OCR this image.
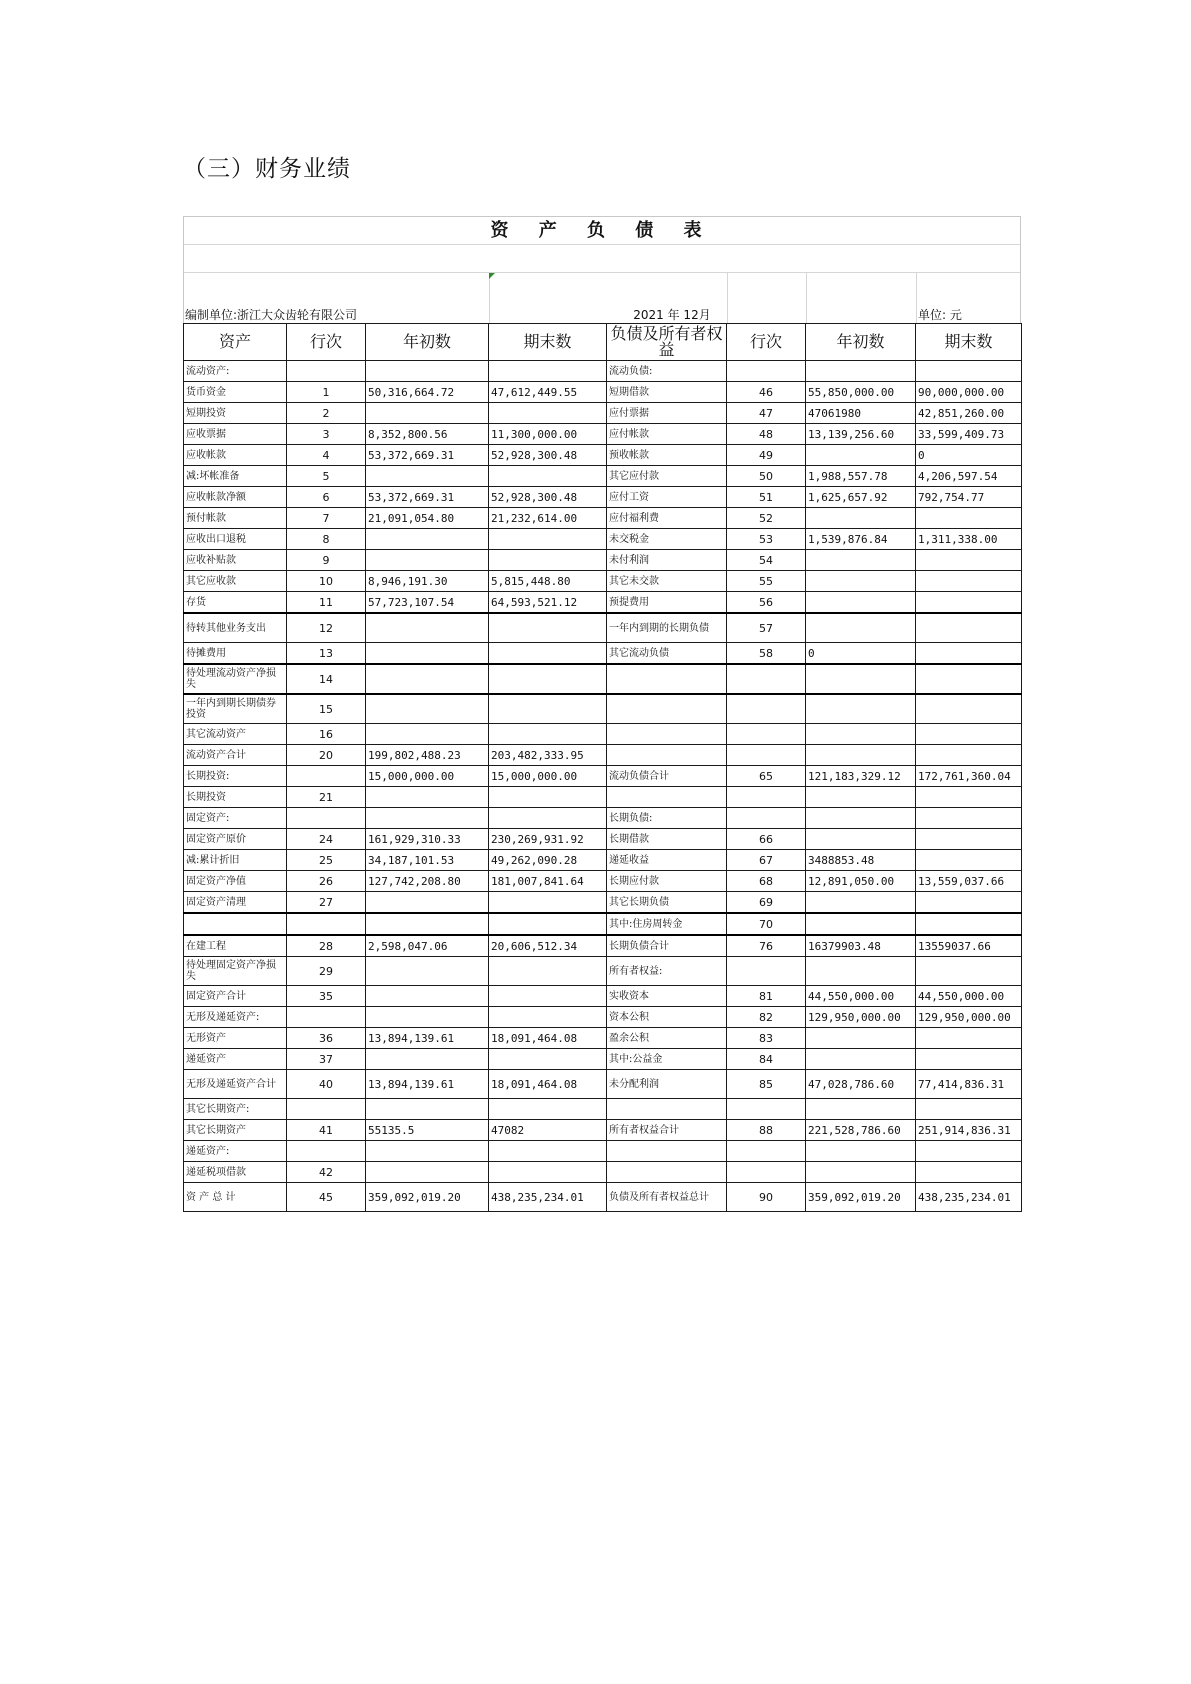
（三）财务业绩
资 产 负 债 表
编制单位:浙江大众齿轮有限公司	2021 年 12月	单位: 元
资产	行次	年初数	期末数	负债及所有者权益	行次	年初数	期末数
流动资产:				流动负债:			
货币资金	1	50,316,664.72	47,612,449.55	短期借款	46	55,850,000.00	90,000,000.00
短期投资	2			应付票据	47	47061980	42,851,260.00
应收票据	3	8,352,800.56	11,300,000.00	应付帐款	48	13,139,256.60	33,599,409.73
应收帐款	4	53,372,669.31	52,928,300.48	预收帐款	49		0
减:坏帐准备	5			其它应付款	50	1,988,557.78	4,206,597.54
应收帐款净额	6	53,372,669.31	52,928,300.48	应付工资	51	1,625,657.92	792,754.77
预付帐款	7	21,091,054.80	21,232,614.00	应付福利费	52		
应收出口退税	8			未交税金	53	1,539,876.84	1,311,338.00
应收补贴款	9			未付利润	54		
其它应收款	10	8,946,191.30	5,815,448.80	其它未交款	55		
存货	11	57,723,107.54	64,593,521.12	预提费用	56		
待转其他业务支出	12			一年内到期的长期负债	57		
待摊费用	13			其它流动负债	58	0	
待处理流动资产净损失	14						
一年内到期长期债券投资	15						
其它流动资产	16						
流动资产合计	20	199,802,488.23	203,482,333.95				
长期投资:		15,000,000.00	15,000,000.00	流动负债合计	65	121,183,329.12	172,761,360.04
长期投资	21						
固定资产:				长期负债:			
固定资产原价	24	161,929,310.33	230,269,931.92	长期借款	66		
减:累计折旧	25	34,187,101.53	49,262,090.28	递延收益	67	3488853.48	
固定资产净值	26	127,742,208.80	181,007,841.64	长期应付款	68	12,891,050.00	13,559,037.66
固定资产清理	27			其它长期负债	69		
				其中:住房周转金	70		
在建工程	28	2,598,047.06	20,606,512.34	长期负债合计	76	16379903.48	13559037.66
待处理固定资产净损失	29			所有者权益:			
固定资产合计	35			实收资本	81	44,550,000.00	44,550,000.00
无形及递延资产:				资本公积	82	129,950,000.00	129,950,000.00
无形资产	36	13,894,139.61	18,091,464.08	盈余公积	83		
递延资产	37			其中:公益金	84		
无形及递延资产合计	40	13,894,139.61	18,091,464.08	未分配利润	85	47,028,786.60	77,414,836.31
其它长期资产:							
其它长期资产	41	55135.5	47082	所有者权益合计	88	221,528,786.60	251,914,836.31
递延资产:							
递延税项借款	42						
资 产 总 计	45	359,092,019.20	438,235,234.01	负债及所有者权益总计	90	359,092,019.20	438,235,234.01
